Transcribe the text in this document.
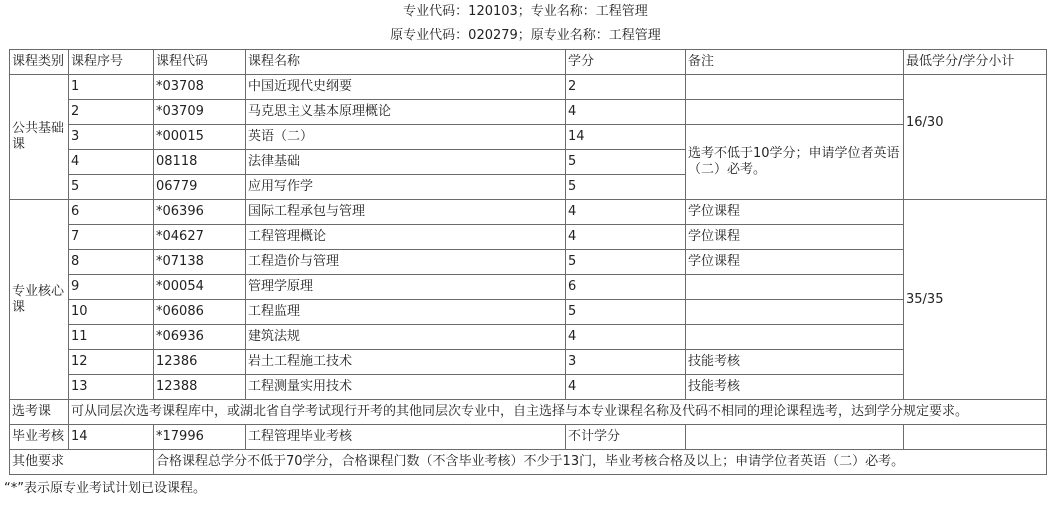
专业代码：120103；专业名称：工程管理
原专业代码：020279；原专业名称：工程管理
课程类别	课程序号	课程代码	课程名称	学分	备注	最低学分/学分小计
公共基础课	1	*03708	中国近现代史纲要	2		16/30
	2	*03709	马克思主义基本原理概论	4		
	3	*00015	英语（二）	14	选考不低于10学分；申请学位者英语（二）必考。	
	4	08118	法律基础	5		
	5	06779	应用写作学	5		
专业核心课	6	*06396	国际工程承包与管理	4	学位课程	35/35
	7	*04627	工程管理概论	4	学位课程	
	8	*07138	工程造价与管理	5	学位课程	
	9	*00054	管理学原理	6		
	10	*06086	工程监理	5		
	11	*06936	建筑法规	4		
	12	12386	岩土工程施工技术	3	技能考核	
	13	12388	工程测量实用技术	4	技能考核	
选考课	可从同层次选考课程库中，或湖北省自学考试现行开考的其他同层次专业中，自主选择与本专业课程名称及代码不相同的理论课程选考，达到学分规定要求。					
毕业考核	14	*17996	工程管理毕业考核	不计学分		
其他要求		合格课程总学分不低于70学分，合格课程门数（不含毕业考核）不少于13门，毕业考核合格及以上；申请学位者英语（二）必考。				
“*”表示原专业考试计划已设课程。
